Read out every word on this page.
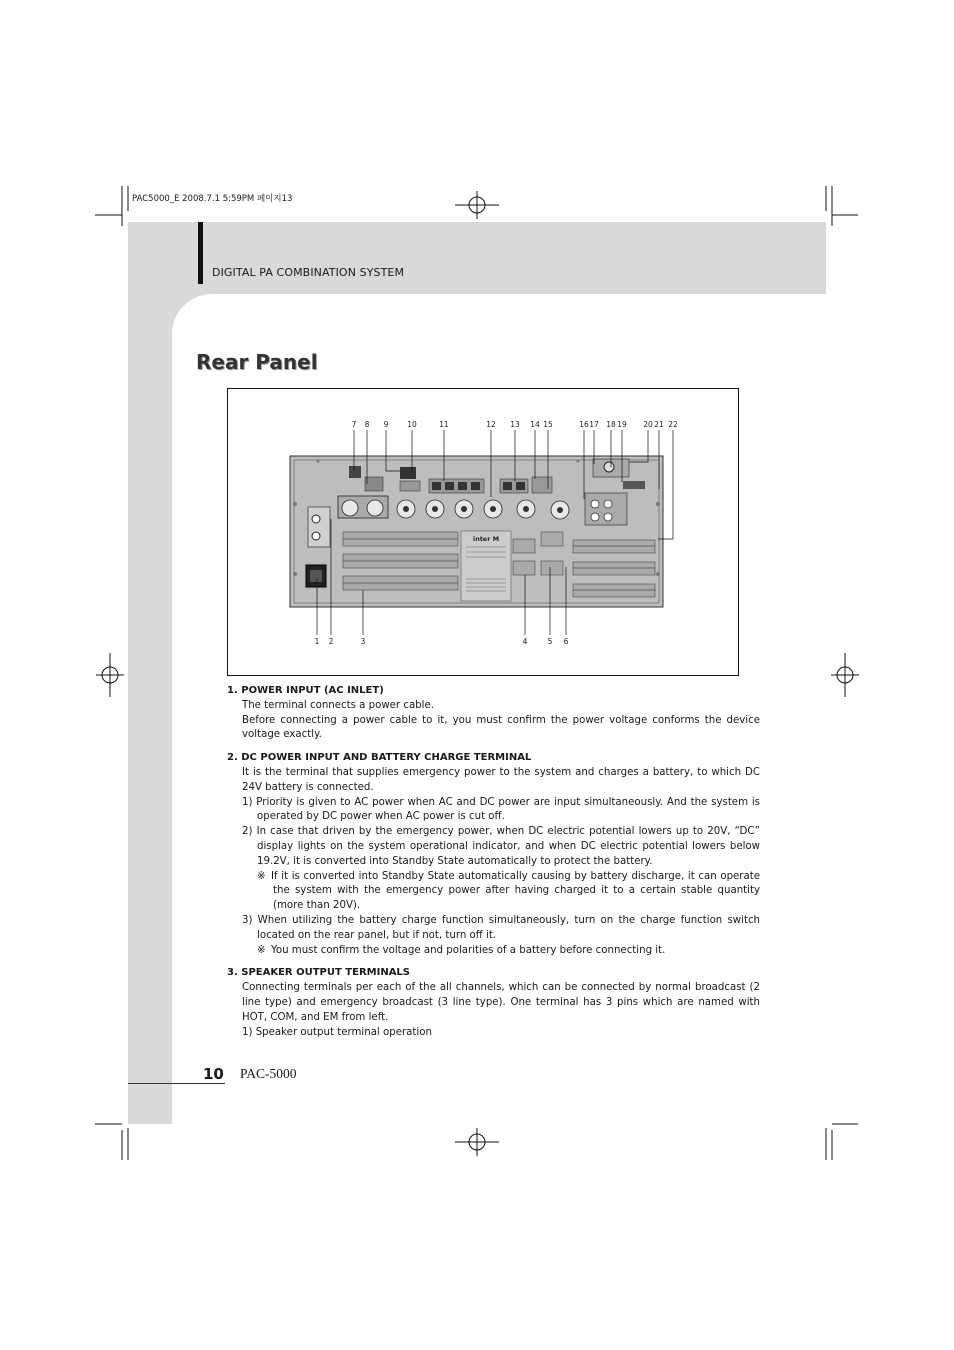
PAC5000_E 2008.7.1 5:59PM 페이지13
DIGITAL PA COMBINATION SYSTEM
Rear Panel
7 8 9	10	11	12 13 14 15	16 17 18 19 20 21 22
1 2	3	4	5 6
inter M
1. POWER INPUT (AC INLET)
The terminal connects a power cable.
Before connecting a power cable to it, you must confirm the power voltage conforms the device voltage exactly.
2. DC POWER INPUT AND BATTERY CHARGE TERMINAL
It is the terminal that supplies emergency power to the system and charges a battery, to which DC 24V battery is connected.
1) Priority is given to AC power when AC and DC power are input simultaneously. And the system is operated by DC power when AC power is cut off.
2) In case that driven by the emergency power, when DC electric potential lowers up to 20V, “DC” display lights on the system operational indicator, and when DC electric potential lowers below 19.2V, it is converted into Standby State automatically to protect the battery.
※ If it is converted into Standby State automatically causing by battery discharge, it can operate the system with the emergency power after having charged it to a certain stable quantity (more than 20V).
3) When utilizing the battery charge function simultaneously, turn on the charge function switch located on the rear panel, but if not, turn off it.
※ You must confirm the voltage and polarities of a battery before connecting it.
3. SPEAKER OUTPUT TERMINALS
Connecting terminals per each of the all channels, which can be connected by normal broadcast (2 line type) and emergency broadcast (3 line type). One terminal has 3 pins which are named with HOT, COM, and EM from left.
1) Speaker output terminal operation
10 PAC-5000
